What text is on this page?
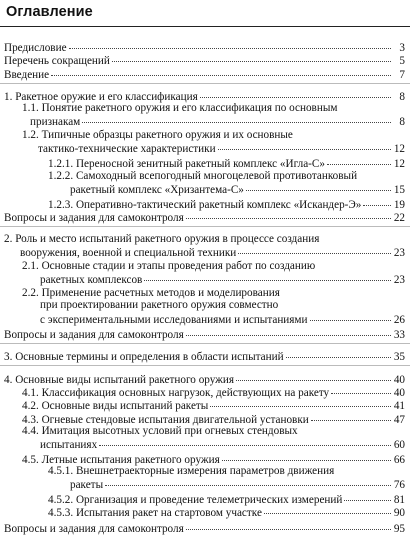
Оглавление
Предисловие	3
Перечень сокращений	5
Введение	7
1. Ракетное оружие и его классификация	8
1.1. Понятие ракетного оружия и его классификация по основным
признакам	8
1.2. Типичные образцы ракетного оружия и их основные
тактико-технические характеристики	12
1.2.1. Переносной зенитный ракетный комплекс «Игла-С»	12
1.2.2. Самоходный всепогодный многоцелевой противотанковый
ракетный комплекс «Хризантема-С»	15
1.2.3. Оперативно-тактический ракетный комплекс «Искандер-Э»	19
Вопросы и задания для самоконтроля	22
2. Роль и место испытаний ракетного оружия в процессе создания
вооружения, военной и специальной техники	23
2.1. Основные стадии и этапы проведения работ по созданию
ракетных комплексов	23
2.2. Применение расчетных методов и моделирования
при проектировании ракетного оружия совместно
с экспериментальными исследованиями и испытаниями	26
Вопросы и задания для самоконтроля	33
3. Основные термины и определения в области испытаний	35
4. Основные виды испытаний ракетного оружия	40
4.1. Классификация основных нагрузок, действующих на ракету	40
4.2. Основные виды испытаний ракеты	41
4.3. Огневые стендовые испытания двигательной установки	47
4.4. Имитация высотных условий при огневых стендовых
испытаниях	60
4.5. Летные испытания ракетного оружия	66
4.5.1. Внешнетраекторные измерения параметров движения
ракеты	76
4.5.2. Организация и проведение телеметрических измерений	81
4.5.3. Испытания ракет на стартовом участке	90
Вопросы и задания для самоконтроля	95
